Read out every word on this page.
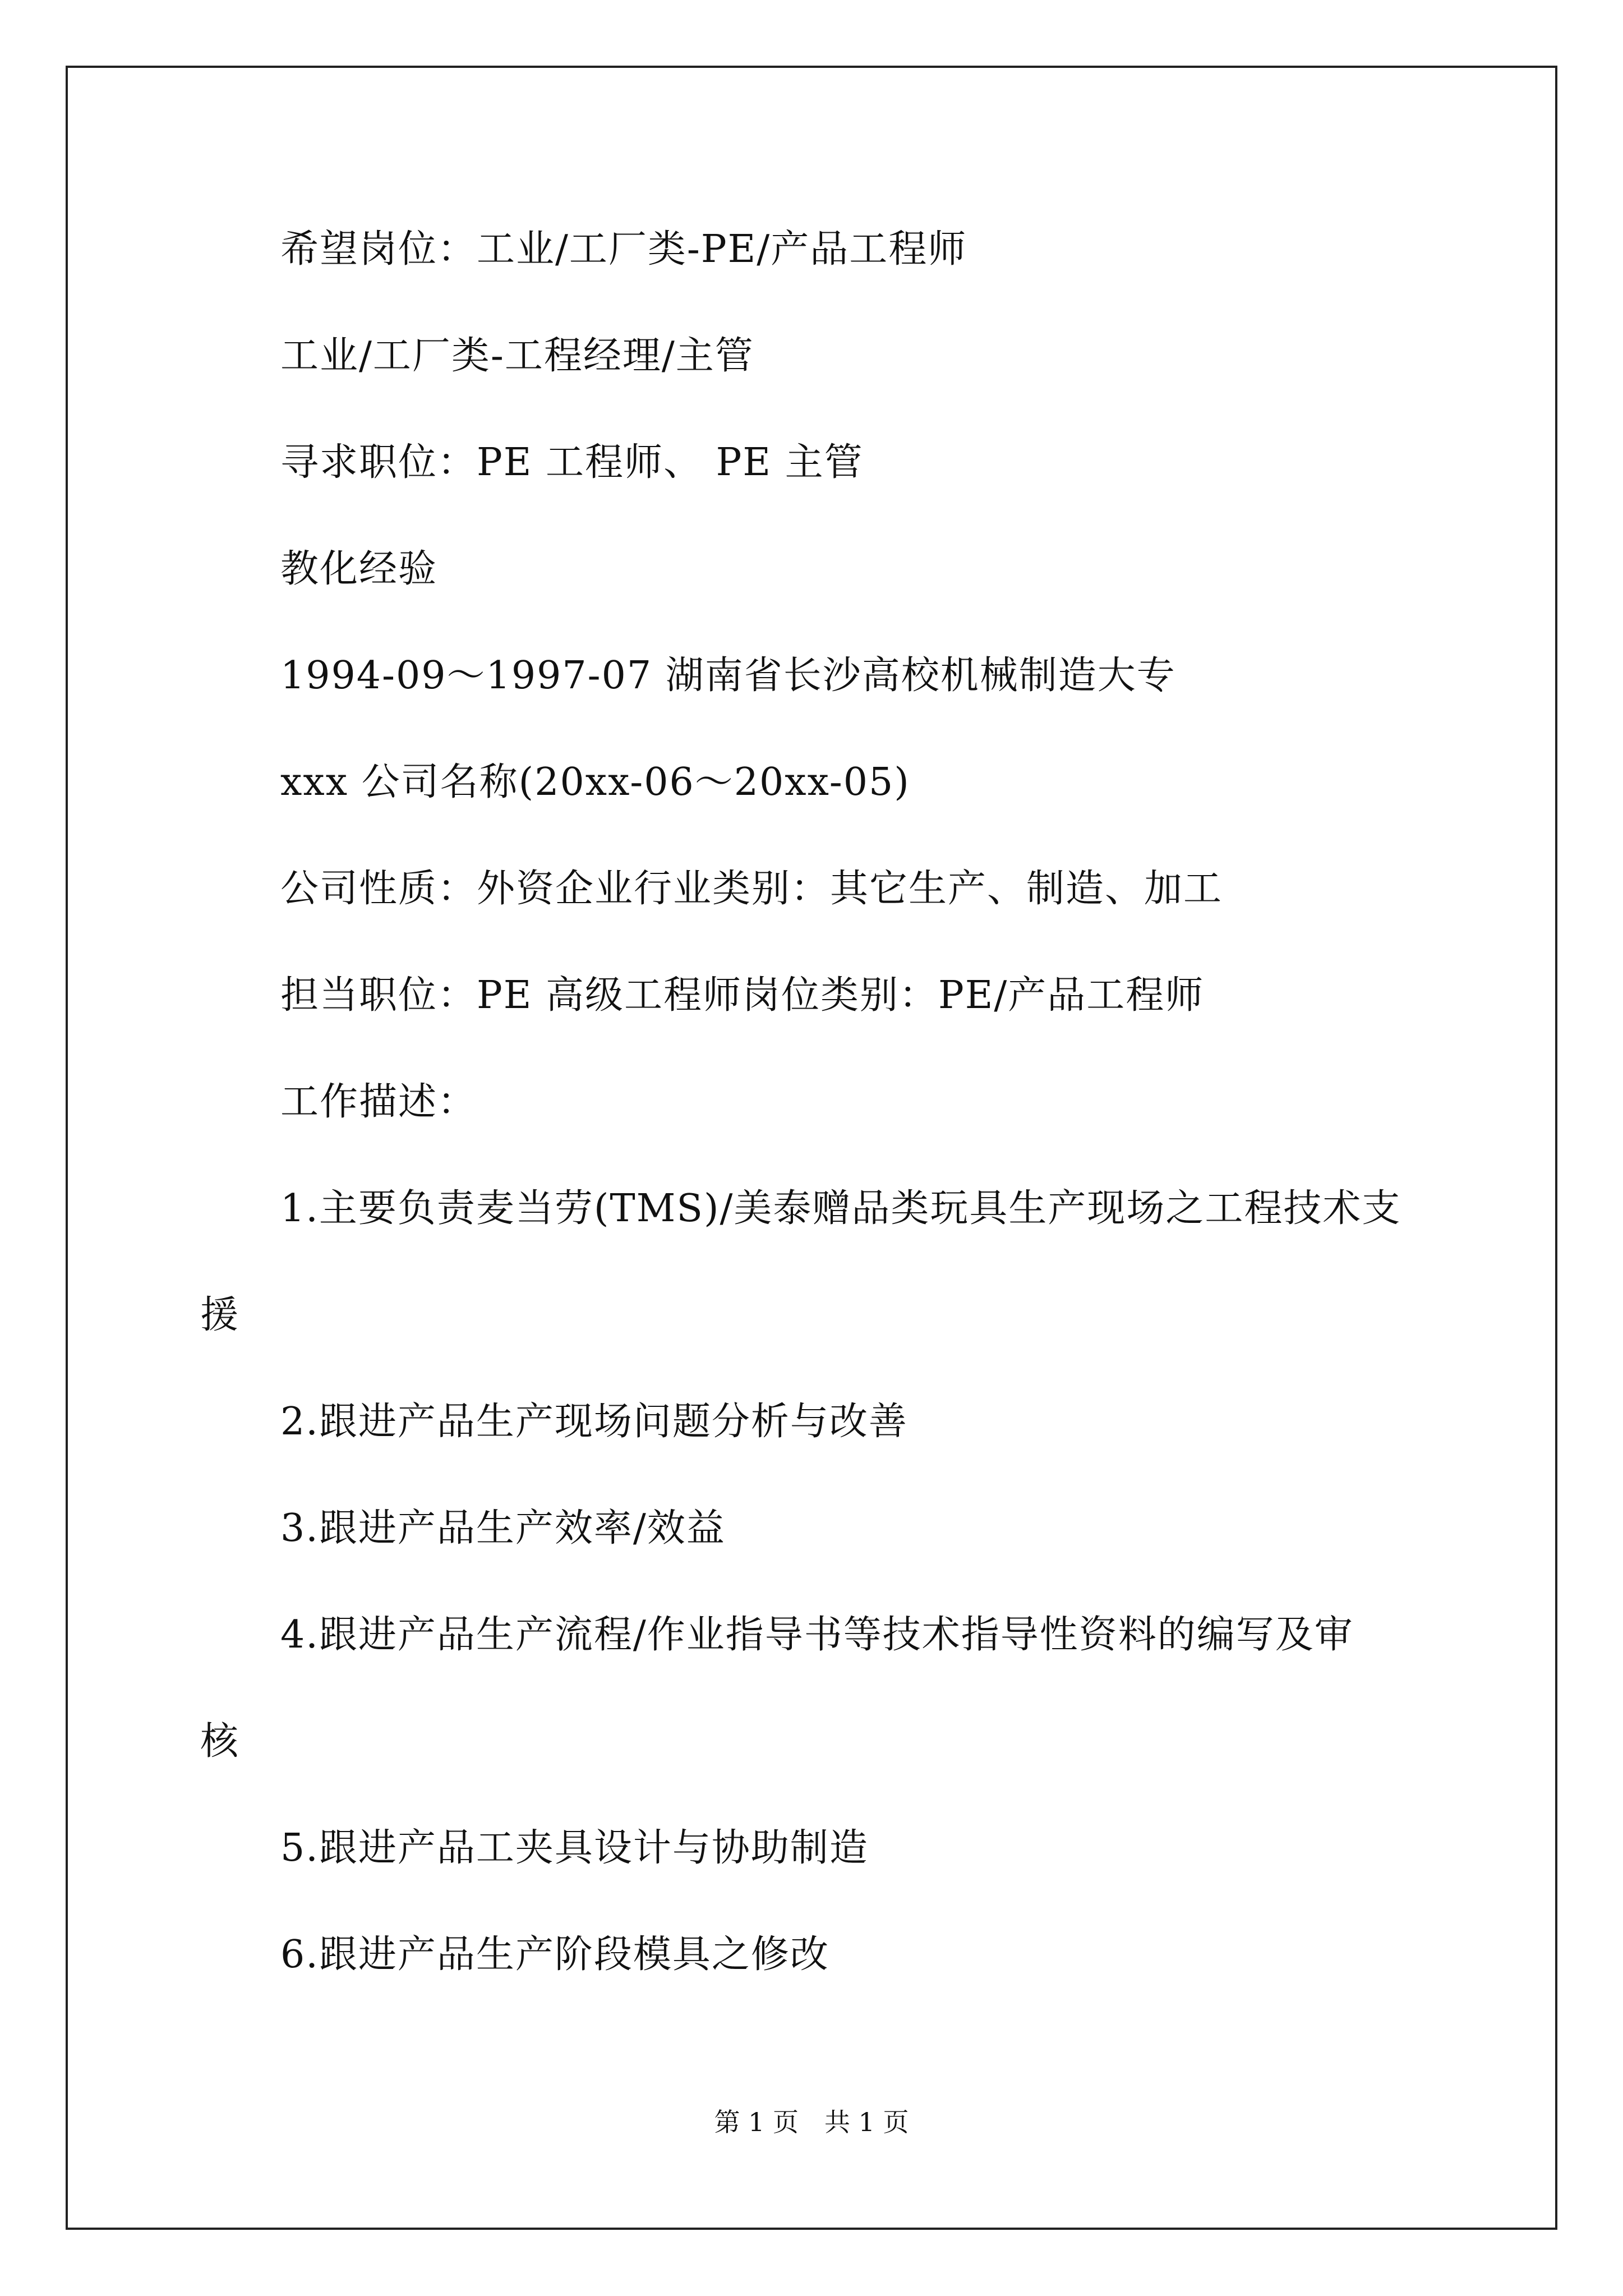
希望岗位：工业/工厂类-PE/产品工程师
工业/工厂类-工程经理/主管
寻求职位：PE 工程师、 PE 主管
教化经验
1994-09～1997-07 湖南省长沙高校机械制造大专
xxx 公司名称(20xx-06～20xx-05)
公司性质：外资企业行业类别：其它生产、制造、加工
担当职位：PE 高级工程师岗位类别：PE/产品工程师
工作描述：
1.主要负责麦当劳(TMS)/美泰赠品类玩具生产现场之工程技术支
援
2.跟进产品生产现场问题分析与改善
3.跟进产品生产效率/效益
4.跟进产品生产流程/作业指导书等技术指导性资料的编写及审
核
5.跟进产品工夹具设计与协助制造
6.跟进产品生产阶段模具之修改
第 1 页　共 1 页
